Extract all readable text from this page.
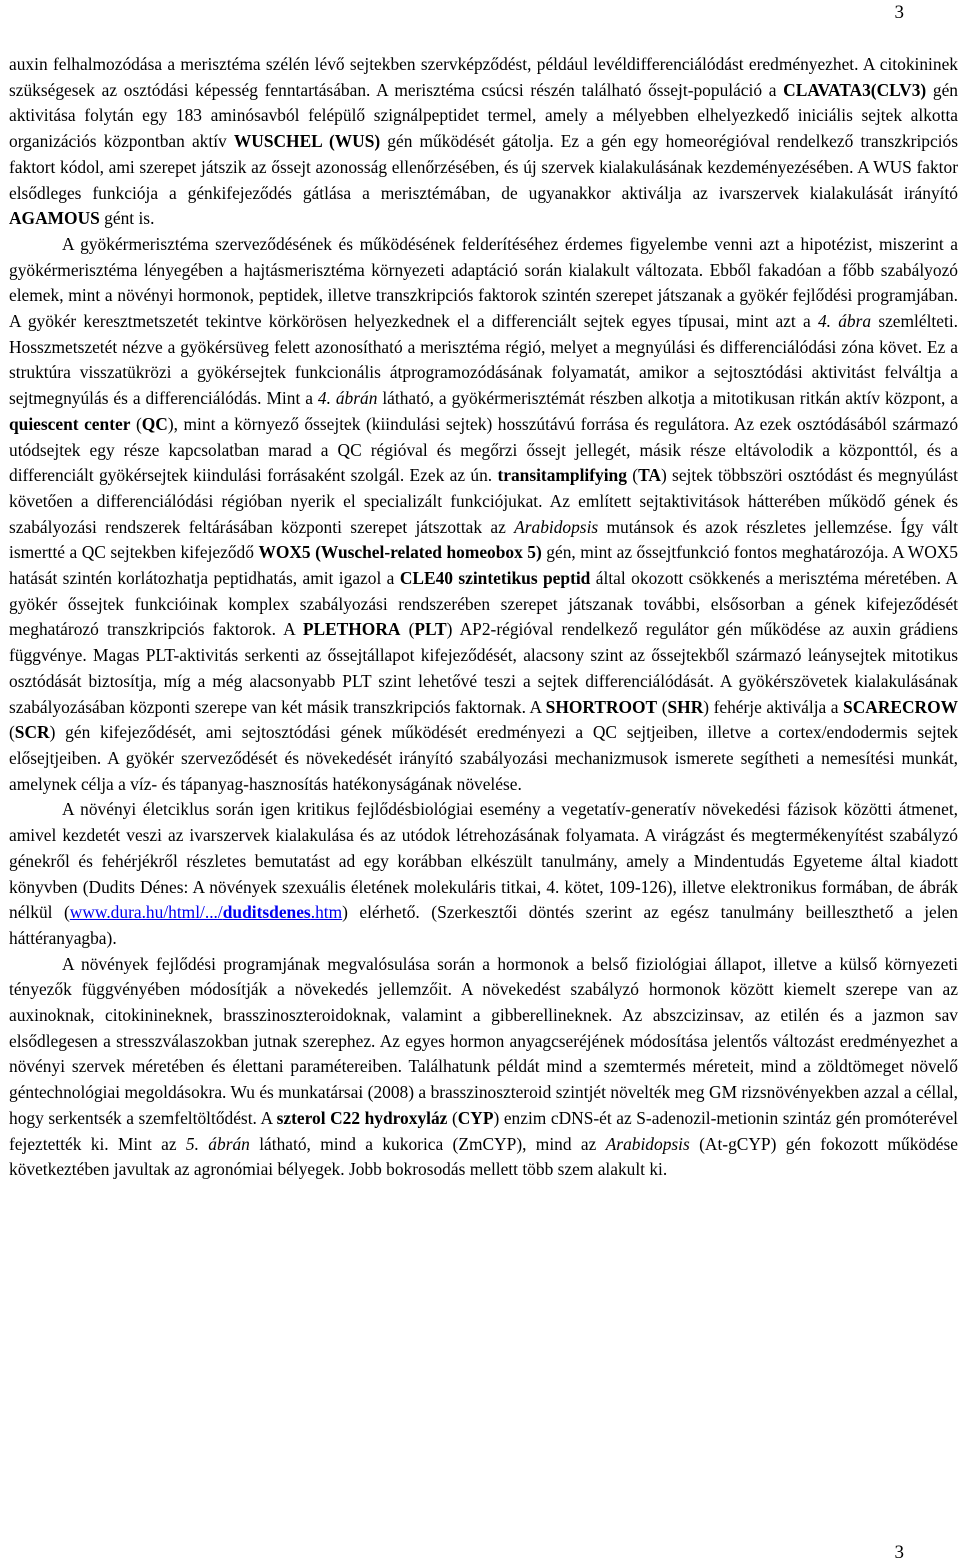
3

auxin felhalmozódása a merisztéma szélén lévő sejtekben szervképződést, például levéldifferenciálódást eredményezhet. A citokininek szükségesek az osztódási képesség fenntartásában. A merisztéma csúcsi részén található őssejt-populáció a CLAVATA3(CLV3) gén aktivitása folytán egy 183 aminósavból felépülő szignálpeptidet termel, amely a mélyebben elhelyezkedő iniciális sejtek alkotta organizációs központban aktív WUSCHEL (WUS) gén működését gátolja. Ez a gén egy homeorégióval rendelkező transzkripciós faktort kódol, ami szerepet játszik az őssejt azonosság ellenőrzésében, és új szervek kialakulásának kezdeményezésében. A WUS faktor elsődleges funkciója a génkifejeződés gátlása a merisztémában, de ugyanakkor aktiválja az ivarszervek kialakulását irányító AGAMOUS gént is.

A gyökérmerisztéma szerveződésének és működésének felderítéséhez érdemes figyelembe venni azt a hipotézist, miszerint a gyökérmerisztéma lényegében a hajtásmerisztéma környezeti adaptáció során kialakult változata. Ebből fakadóan a főbb szabályozó elemek, mint a növényi hormonok, peptidek, illetve transzkripciós faktorok szintén szerepet játszanak a gyökér fejlődési programjában. A gyökér keresztmetszetét tekintve körkörösen helyezkednek el a differenciált sejtek egyes típusai, mint azt a 4. ábra szemlélteti. Hosszmetszetét nézve a gyökérsüveg felett azonosítható a merisztéma régió, melyet a megnyúlási és differenciálódási zóna követ. Ez a struktúra visszatükrözi a gyökérsejtek funkcionális átprogramozódásának folyamatát, amikor a sejtosztódási aktivitást felváltja a sejtmegnyúlás és a differenciálódás. Mint a 4. ábrán látható, a gyökérmerisztémát részben alkotja a mitotikusan ritkán aktív központ, a quiescent center (QC), mint a környező őssejtek (kiindulási sejtek) hosszútávú forrása és regulátora. Az ezek osztódásából származó utódsejtek egy része kapcsolatban marad a QC régióval és megőrzi őssejt jellegét, másik része eltávolodik a központtól, és a differenciált gyökérsejtek kiindulási forrásaként szolgál. Ezek az ún. transitamplifying (TA) sejtek többszöri osztódást és megnyúlást követően a differenciálódási régióban nyerik el specializált funkciójukat. Az említett sejtaktivitások hátterében működő gének és szabályozási rendszerek feltárásában központi szerepet játszottak az Arabidopsis mutánsok és azok részletes jellemzése. Így vált ismertté a QC sejtekben kifejeződő WOX5 (Wuschel-related homeobox 5) gén, mint az őssejtfunkció fontos meghatározója. A WOX5 hatását szintén korlátozhatja peptidhatás, amit igazol a CLE40 szintetikus peptid által okozott csökkenés a merisztéma méretében. A gyökér őssejtek funkcióinak komplex szabályozási rendszerében szerepet játszanak további, elsősorban a gének kifejeződését meghatározó transzkripciós faktorok. A PLETHORA (PLT) AP2-régióval rendelkező regulátor gén működése az auxin grádiens függvénye. Magas PLT-aktivitás serkenti az őssejtállapot kifejeződését, alacsony szint az őssejtekből származó leánysejtek mitotikus osztódását biztosítja, míg a még alacsonyabb PLT szint lehetővé teszi a sejtek differenciálódását. A gyökérszövetek kialakulásának szabályozásában központi szerepe van két másik transzkripciós faktornak. A SHORTROOT (SHR) fehérje aktiválja a SCARECROW (SCR) gén kifejeződését, ami sejtosztódási gének működését eredményezi a QC sejtjeiben, illetve a cortex/endodermis sejtek elősejtjeiben. A gyökér szerveződését és növekedését irányító szabályozási mechanizmusok ismerete segítheti a nemesítési munkát, amelynek célja a víz- és tápanyag-hasznosítás hatékonyságának növelése.

A növényi életciklus során igen kritikus fejlődésbiológiai esemény a vegetatív-generatív növekedési fázisok közötti átmenet, amivel kezdetét veszi az ivarszervek kialakulása és az utódok létrehozásának folyamata. A virágzást és megtermékenyítést szabályzó génekről és fehérjékről részletes bemutatást ad egy korábban elkészült tanulmány, amely a Mindentudás Egyeteme által kiadott könyvben (Dudits Dénes: A növények szexuális életének molekuláris titkai, 4. kötet, 109-126), illetve elektronikus formában, de ábrák nélkül (www.dura.hu/html/.../duditsdenes.htm) elérhető. (Szerkesztői döntés szerint az egész tanulmány beilleszthető a jelen háttéranyagba).

A növények fejlődési programjának megvalósulása során a hormonok a belső fiziológiai állapot, illetve a külső környezeti tényezők függvényében módosítják a növekedés jellemzőit. A növekedést szabályzó hormonok között kiemelt szerepe van az auxinoknak, citokinineknek, brasszinoszteroidoknak, valamint a gibberellineknek. Az abszcizinsav, az etilén és a jazmon sav elsődlegesen a stresszválaszokban jutnak szerephez. Az egyes hormon anyagcseréjének módosítása jelentős változást eredményezhet a növényi szervek méretében és élettani paramétereiben. Találhatunk példát mind a szemtermés méreteit, mind a zöldtömeget növelő géntechnológiai megoldásokra. Wu és munkatársai (2008) a brasszinoszteroid szintjét növelték meg GM rizsnövényekben azzal a céllal, hogy serkentsék a szemfeltöltődést. A szterol C22 hydroxyláz (CYP) enzim cDNS-ét az S-adenozil-metionin szintáz gén promóterével fejeztették ki. Mint az 5. ábrán látható, mind a kukorica (ZmCYP), mind az Arabidopsis (At-gCYP) gén fokozott működése következtében javultak az agronómiai bélyegek. Jobb bokrosodás mellett több szem alakult ki.

3
